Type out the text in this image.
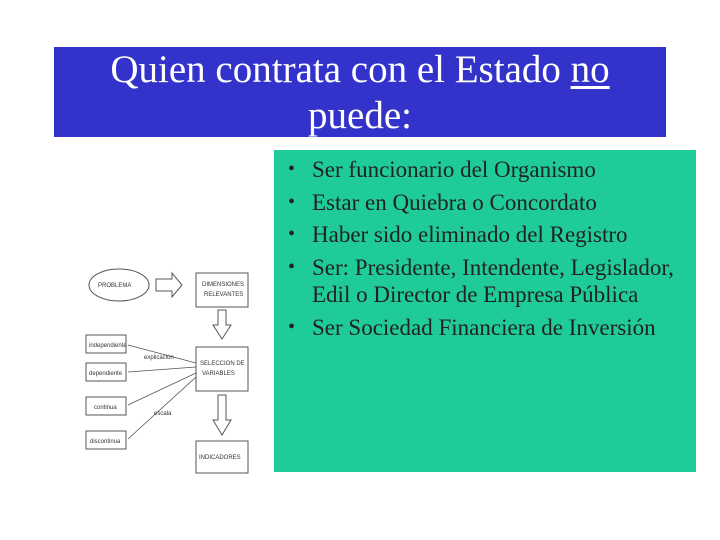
Quien contrata con el Estado no
puede:
PROBLEMA	DIMENSIONES
RELEVANTES
independiente
dependiente
continua
discontinua
explicación
escala
SELECCION DE
VARIABLES
INDICADORES
• Ser funcionario del Organismo
• Estar en Quiebra o Concordato
• Haber sido eliminado del Registro
• Ser: Presidente, Intendente, Legislador, Edil o Director de Empresa Pública
• Ser Sociedad Financiera de Inversión
